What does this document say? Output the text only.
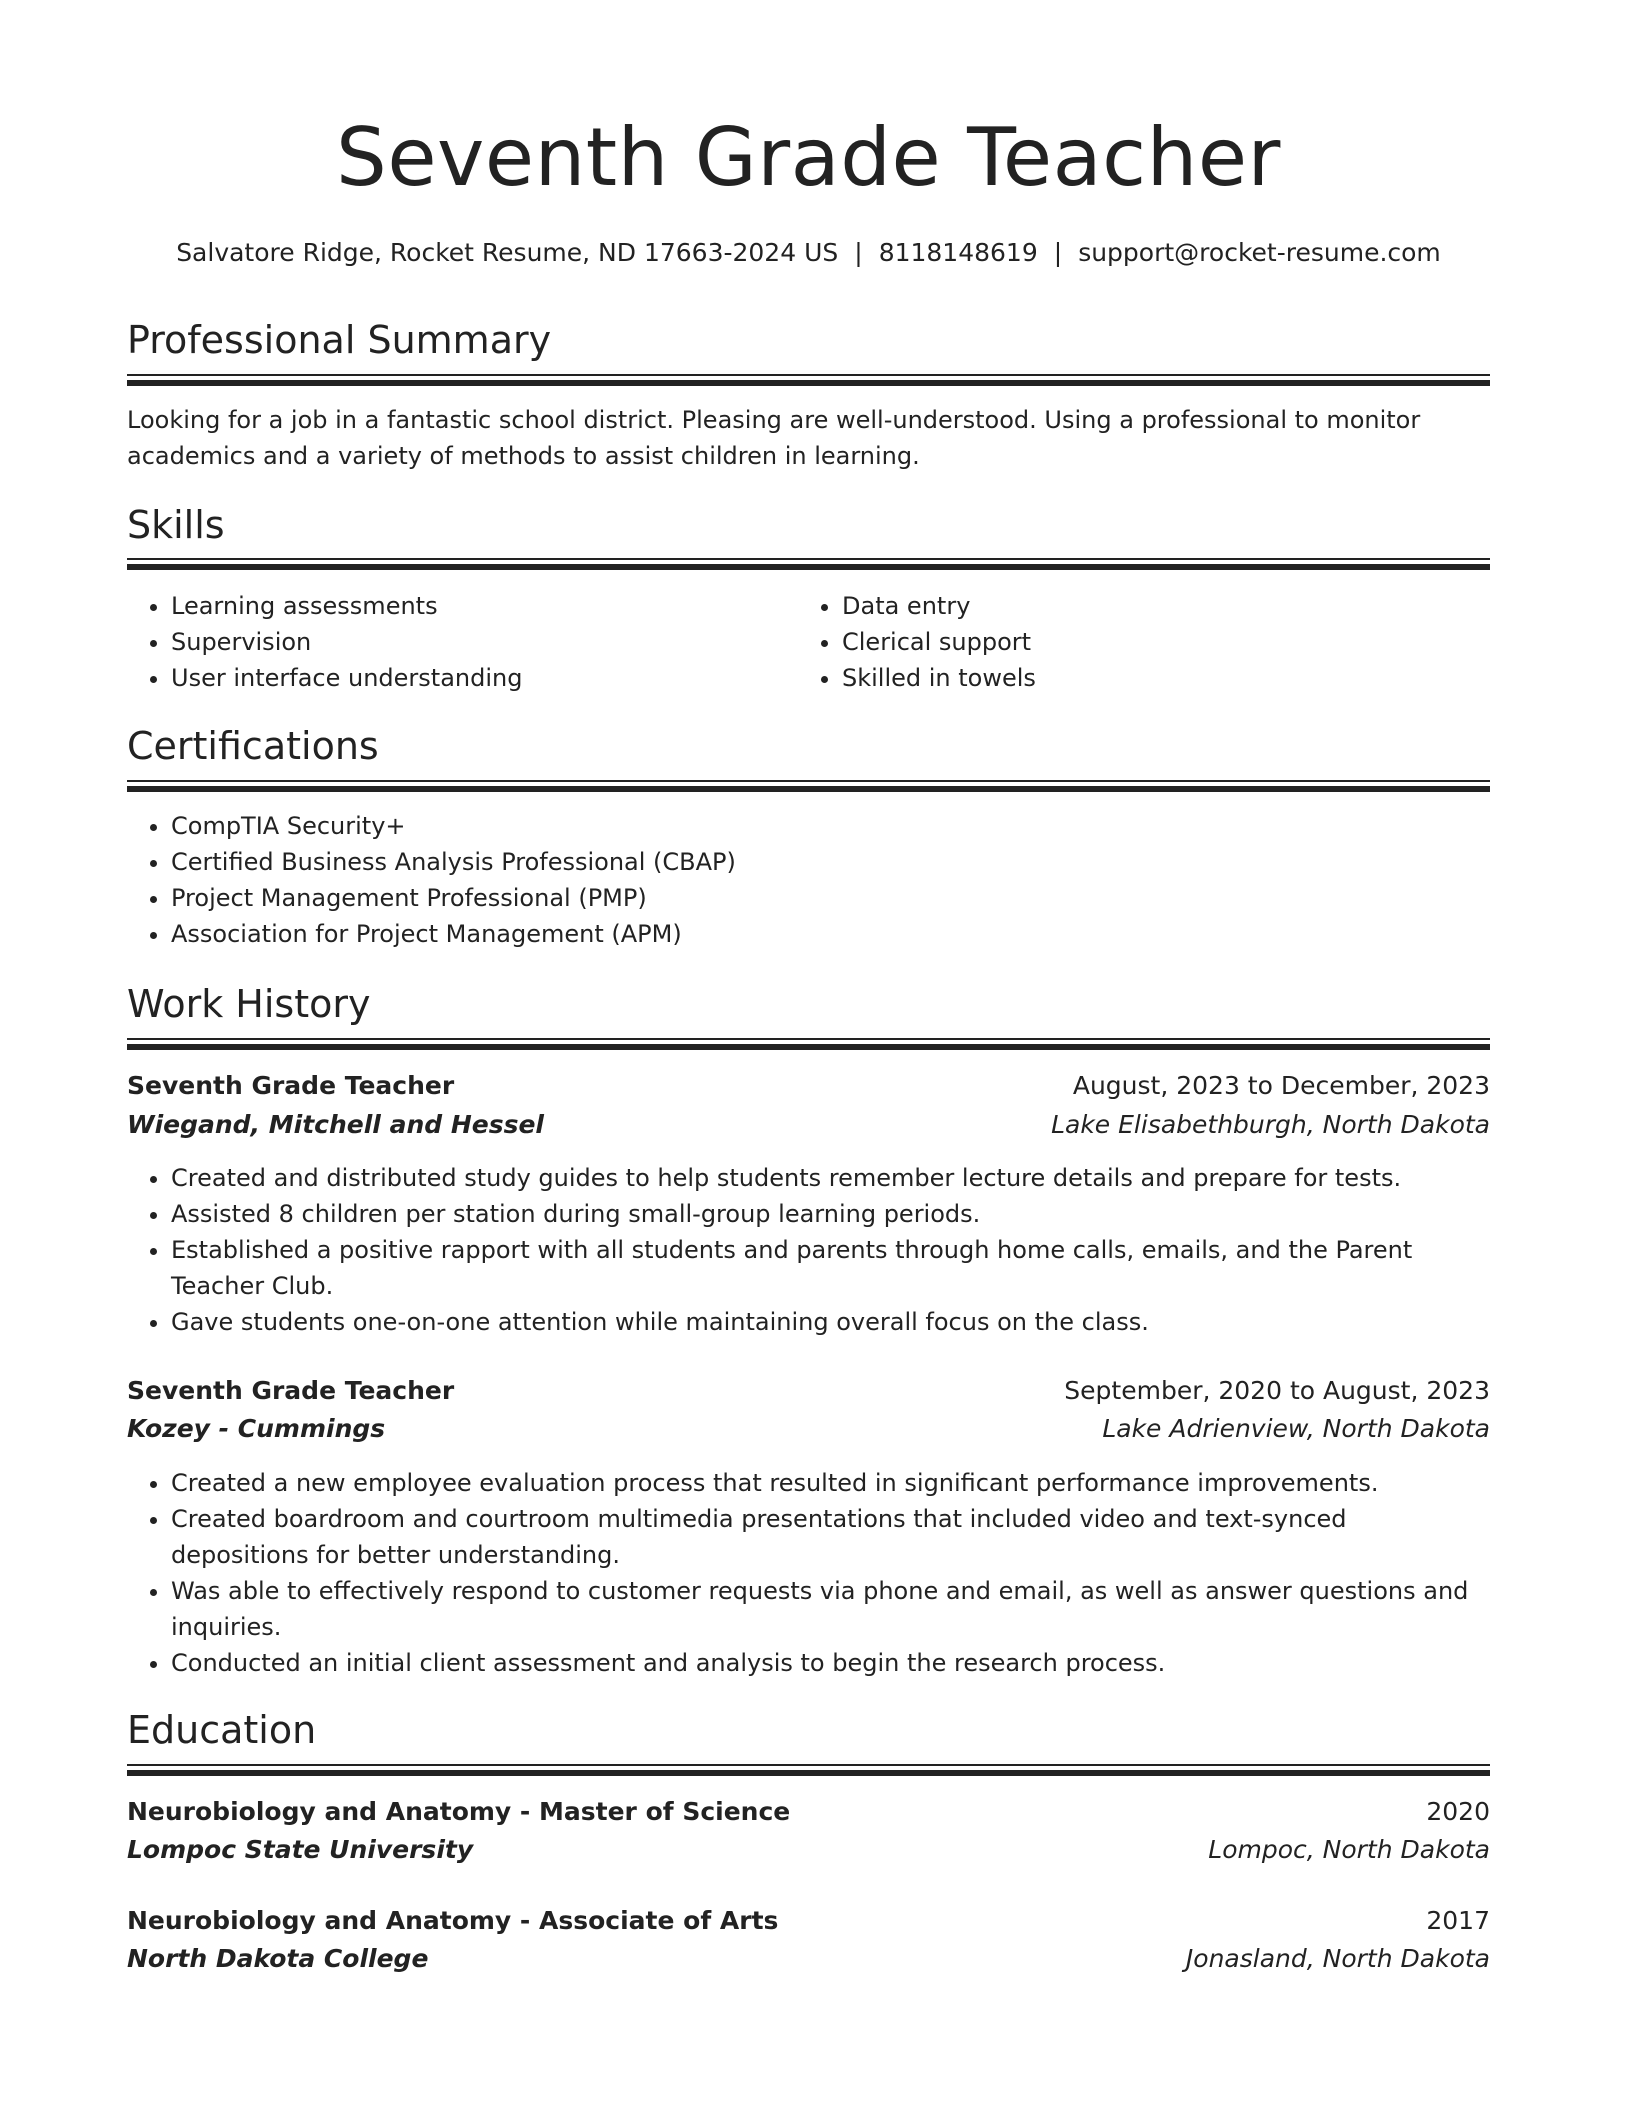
Seventh Grade Teacher
Salvatore Ridge, Rocket Resume, ND 17663-2024 US | 8118148619 | support@rocket-resume.com
Professional Summary

Looking for a job in a fantastic school district. Pleasing are well-understood. Using a professional to monitor academics and a variety of methods to assist children in learning.

Skills
• Learning assessments
• Supervision
• User interface understanding
• Data entry
• Clerical support
• Skilled in towels
Certifications
• CompTIA Security+
• Certified Business Analysis Professional (CBAP)
• Project Management Professional (PMP)
• Association for Project Management (APM)
Work History
Seventh Grade Teacher	August, 2023 to December, 2023
Wiegand, Mitchell and Hessel	Lake Elisabethburgh, North Dakota
• Created and distributed study guides to help students remember lecture details and prepare for tests.
• Assisted 8 children per station during small-group learning periods.
• Established a positive rapport with all students and parents through home calls, emails, and the Parent Teacher Club.
• Gave students one-on-one attention while maintaining overall focus on the class.
Seventh Grade Teacher	September, 2020 to August, 2023
Kozey - Cummings	Lake Adrienview, North Dakota
• Created a new employee evaluation process that resulted in significant performance improvements.
• Created boardroom and courtroom multimedia presentations that included video and text-synced depositions for better understanding.
• Was able to effectively respond to customer requests via phone and email, as well as answer questions and inquiries.
• Conducted an initial client assessment and analysis to begin the research process.
Education
Neurobiology and Anatomy - Master of Science	2020
Lompoc State University	Lompoc, North Dakota
Neurobiology and Anatomy - Associate of Arts	2017
North Dakota College	Jonasland, North Dakota
